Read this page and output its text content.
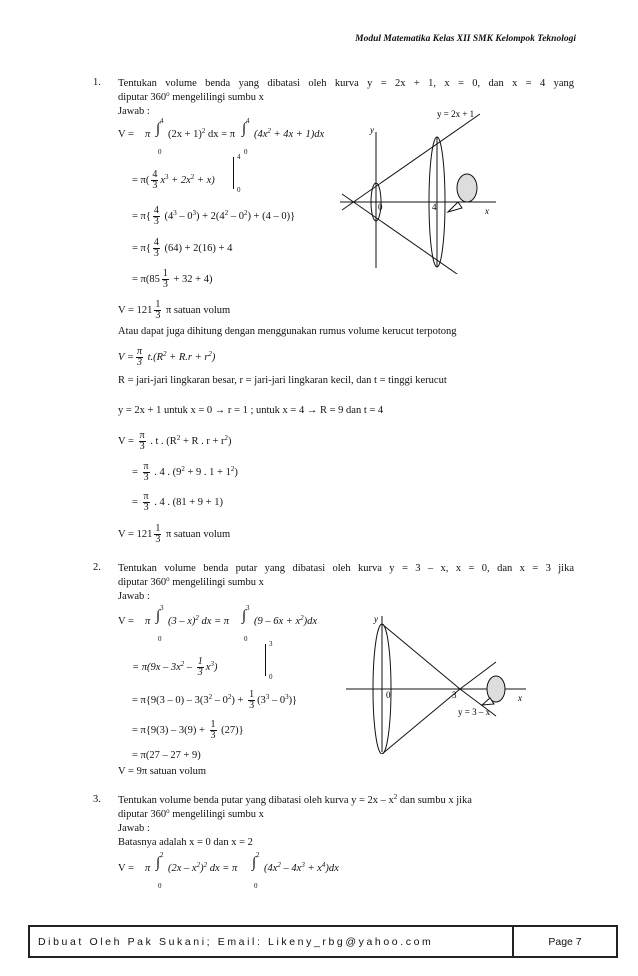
Modul Matematika Kelas XII SMK Kelompok Teknologi
1. Tentukan volume benda yang dibatasi oleh kurva y = 2x + 1, x = 0, dan x = 4 yang
diputar 360$^o$ mengelilingi sumbu x
Jawab :
V = π ∫ 4
0
$(2x + 1)^2$ dx = π ∫ 4
0
$(4x^2 + 4x + 1)dx$
= $\pi( \frac{4}{3} x^3 + 2x^2 + x)$
4
0
= $\pi\{ \frac{4}{3} (4^3 - 0^3) + 2(4^2 - 0^2) + (4 - 0)\}$
= $\pi\{ \frac{4}{3} (64) + 2(16) + 4$
= $\pi(85 \frac{1}{3} + 32 + 4)$
$V = 121 \frac{1}{3}$ π satuan volum
Atau dapat juga dihitung dengan menggunakan rumus volume kerucut terpotong
$V = \frac{\pi}{3} t.(R^2 + R.r + r^2)$
R = jari-jari lingkaran besar, r = jari-jari lingkaran kecil, dan t = tinggi kerucut
y = 2x + 1 untuk x = 0 → r = 1 ; untuk x = 4 → R = 9 dan t = 4
$V = \frac{\pi}{3}$ . t . ($R^2 + R$ . $r + r^2$)
= $\frac{\pi}{3}$ . 4 . ($9^2 + 9$ . $1 + 1^2$)
= $\frac{\pi}{3}$ . 4 . (81 + 9 + 1)
$V = 121 \frac{1}{3}$ π satuan volum
y
x
0	4
y = 2x + 1
2. Tentukan volume benda putar yang dibatasi oleh kurva y = 3 – x, x = 0, dan x = 3 jika
diputar 360$^o$ mengelilingi sumbu x
Jawab :
V = π ∫ 3
0
(3 – x)$^2$ dx = π ∫ 3
0
$(9 - 6x + x^2)dx$
= $\pi(9x - 3x^2 - \frac{1}{3} x^3)$
3
0
= $\pi\{9(3 - 0) - 3(3^2 - 0^2) + \frac{1}{3} (3^3 - 0^3)\}$
= $\pi\{9(3) - 3(9) + \frac{1}{3} (27)\}$
= π(27 – 27 + 9)
V = 9π satuan volum
y
x
0	3
y = 3 – x
3. Tentukan volume benda putar yang dibatasi oleh kurva $y = 2x - x^2$ dan sumbu x jika
diputar 360$^o$ mengelilingi sumbu x
Jawab :
Batasnya adalah x = 0 dan x = 2
V = π ∫ 2
0
$(2x - x^2)^2$ dx = π ∫ 2
0
$(4x^2 - 4x^3 + x^4)dx$
Dibuat Oleh Pak Sukani; Email: Likeny_rbg@yahoo.com	Page 7
